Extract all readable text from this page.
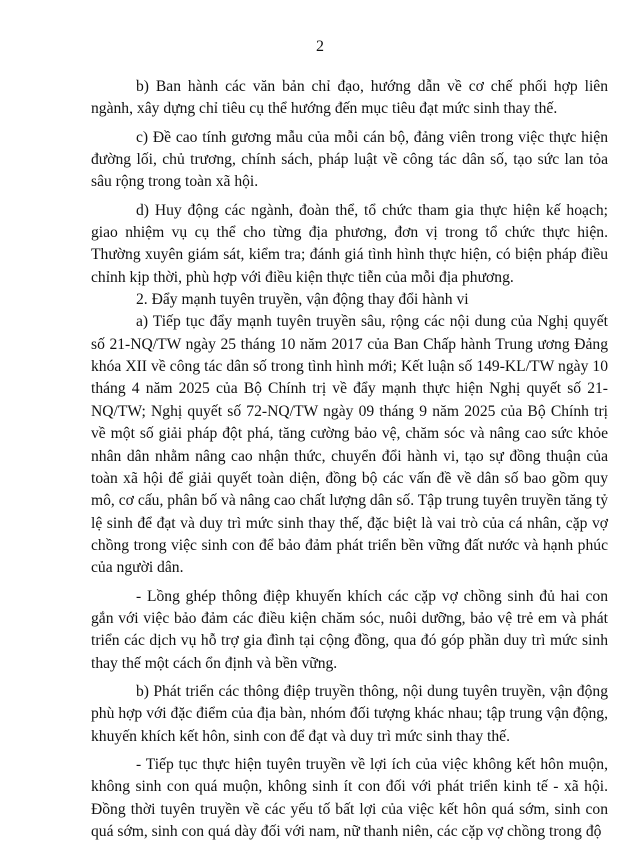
2

b) Ban hành các văn bản chỉ đạo, hướng dẫn về cơ chế phối hợp liên ngành, xây dựng chỉ tiêu cụ thể hướng đến mục tiêu đạt mức sinh thay thế.

c) Đề cao tính gương mẫu của mỗi cán bộ, đảng viên trong việc thực hiện đường lối, chủ trương, chính sách, pháp luật về công tác dân số, tạo sức lan tỏa sâu rộng trong toàn xã hội.

d) Huy động các ngành, đoàn thể, tổ chức tham gia thực hiện kế hoạch; giao nhiệm vụ cụ thể cho từng địa phương, đơn vị trong tổ chức thực hiện. Thường xuyên giám sát, kiểm tra; đánh giá tình hình thực hiện, có biện pháp điều chỉnh kịp thời, phù hợp với điều kiện thực tiễn của mỗi địa phương.

2. Đẩy mạnh tuyên truyền, vận động thay đổi hành vi

a) Tiếp tục đẩy mạnh tuyên truyền sâu, rộng các nội dung của Nghị quyết số 21-NQ/TW ngày 25 tháng 10 năm 2017 của Ban Chấp hành Trung ương Đảng khóa XII về công tác dân số trong tình hình mới; Kết luận số 149-KL/TW ngày 10 tháng 4 năm 2025 của Bộ Chính trị về đẩy mạnh thực hiện Nghị quyết số 21-NQ/TW; Nghị quyết số 72-NQ/TW ngày 09 tháng 9 năm 2025 của Bộ Chính trị về một số giải pháp đột phá, tăng cường bảo vệ, chăm sóc và nâng cao sức khỏe nhân dân nhằm nâng cao nhận thức, chuyển đổi hành vi, tạo sự đồng thuận của toàn xã hội để giải quyết toàn diện, đồng bộ các vấn đề về dân số bao gồm quy mô, cơ cấu, phân bố và nâng cao chất lượng dân số. Tập trung tuyên truyền tăng tỷ lệ sinh để đạt và duy trì mức sinh thay thế, đặc biệt là vai trò của cá nhân, cặp vợ chồng trong việc sinh con để bảo đảm phát triển bền vững đất nước và hạnh phúc của người dân.

- Lồng ghép thông điệp khuyến khích các cặp vợ chồng sinh đủ hai con gắn với việc bảo đảm các điều kiện chăm sóc, nuôi dưỡng, bảo vệ trẻ em và phát triển các dịch vụ hỗ trợ gia đình tại cộng đồng, qua đó góp phần duy trì mức sinh thay thế một cách ổn định và bền vững.

b) Phát triển các thông điệp truyền thông, nội dung tuyên truyền, vận động phù hợp với đặc điểm của địa bàn, nhóm đối tượng khác nhau; tập trung vận động, khuyến khích kết hôn, sinh con để đạt và duy trì mức sinh thay thế.

- Tiếp tục thực hiện tuyên truyền về lợi ích của việc không kết hôn muộn, không sinh con quá muộn, không sinh ít con đối với phát triển kinh tế - xã hội. Đồng thời tuyên truyền về các yếu tố bất lợi của việc kết hôn quá sớm, sinh con quá sớm, sinh con quá dày đối với nam, nữ thanh niên, các cặp vợ chồng trong độ
